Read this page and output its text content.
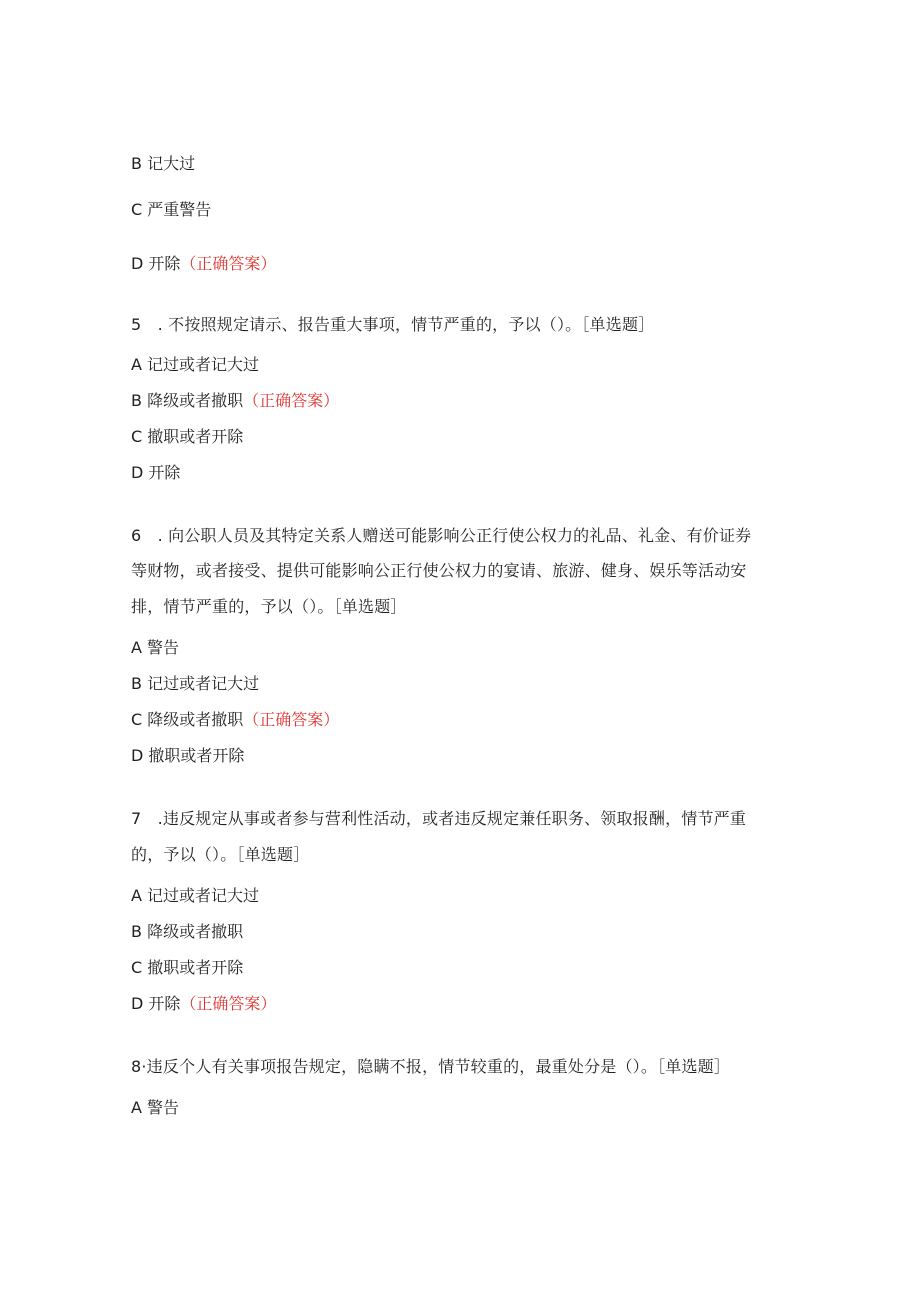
B 记大过
C 严重警告
D 开除（正确答案）
5　. 不按照规定请示、报告重大事项，情节严重的，予以（）。［单选题］
A 记过或者记大过
B 降级或者撤职（正确答案）
C 撤职或者开除
D 开除
6　. 向公职人员及其特定关系人赠送可能影响公正行使公权力的礼品、礼金、有价证券
等财物，或者接受、提供可能影响公正行使公权力的宴请、旅游、健身、娱乐等活动安
排，情节严重的，予以（）。［单选题］
A 警告
B 记过或者记大过
C 降级或者撤职（正确答案）
D 撤职或者开除
7　.违反规定从事或者参与营利性活动，或者违反规定兼任职务、领取报酬，情节严重
的，予以（）。［单选题］
A 记过或者记大过
B 降级或者撤职
C 撤职或者开除
D 开除（正确答案）
8·违反个人有关事项报告规定，隐瞒不报，情节较重的，最重处分是（）。［单选题］
A 警告
